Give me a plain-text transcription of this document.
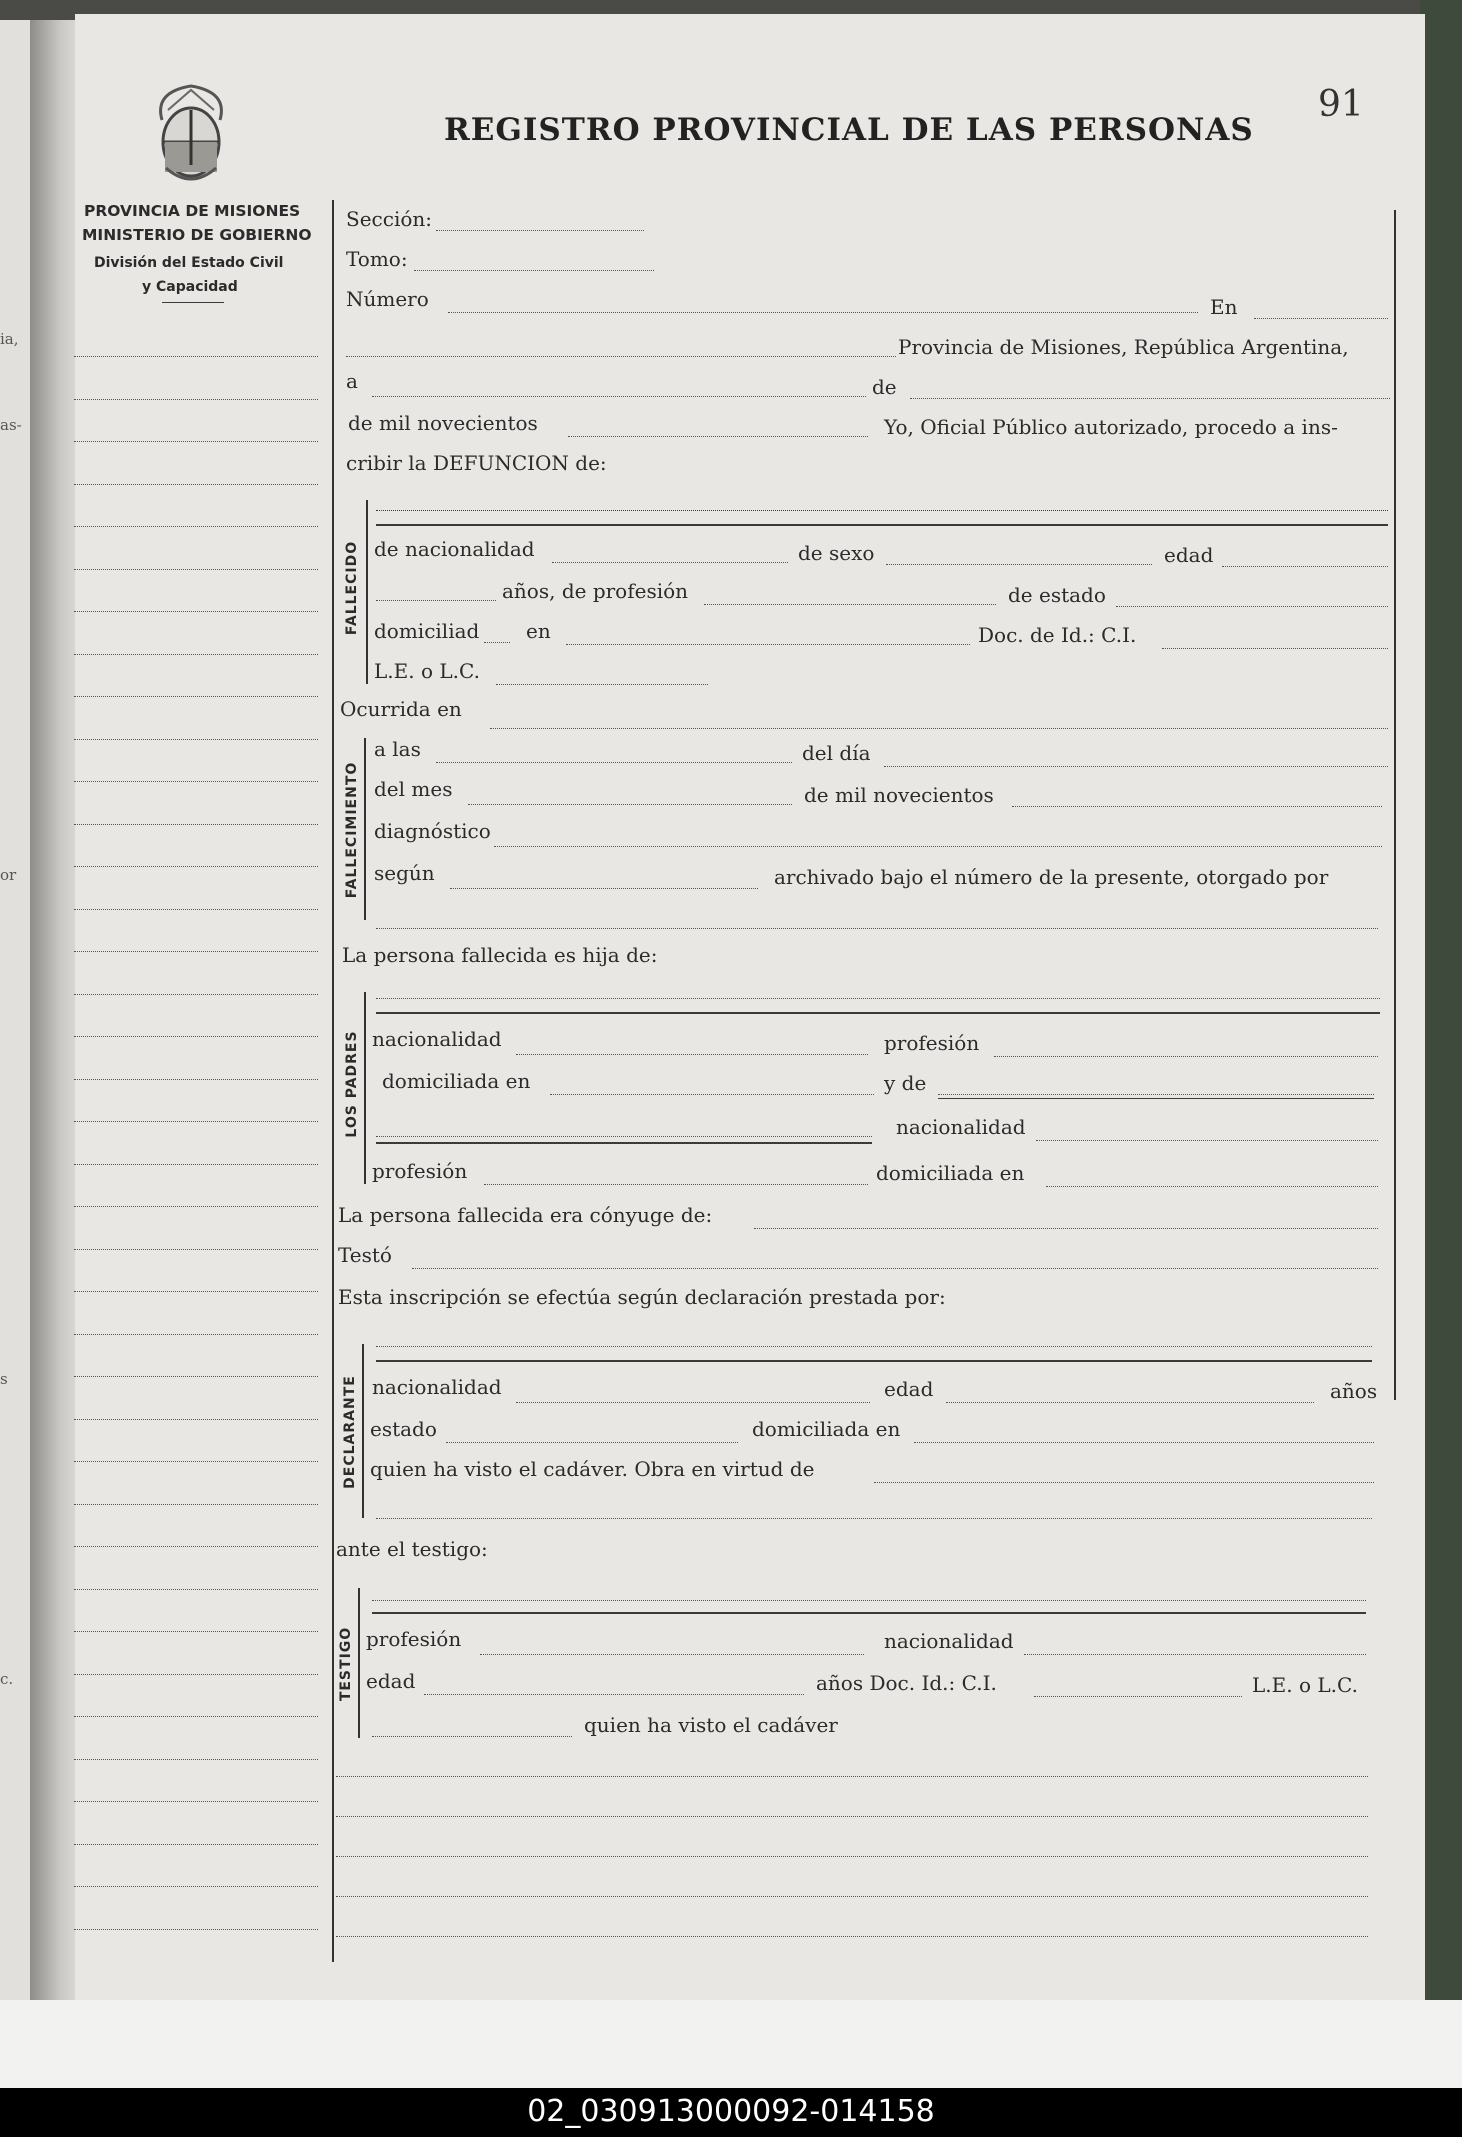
ia,
as-
or
s
c.
02_030913000092-014158
91
REGISTRO PROVINCIAL DE LAS PERSONAS
PROVINCIA DE MISIONES
MINISTERIO DE GOBIERNO
División del Estado Civil
y Capacidad
Sección:
Tomo:
Número	En
Provincia de Misiones, República Argentina,
a	de
de mil novecientos	Yo, Oficial Público autorizado, procedo a ins-
cribir la DEFUNCION de:
FALLECIDO de nacionalidad	de sexo	edad
años, de profesión	de estado
domiciliad en	Doc. de Id.: C.I.
L.E. o L.C.
Ocurrida en
FALLECIMIENTO
a las	del día
del mes	de mil novecientos
diagnóstico
según	archivado bajo el número de la presente, otorgado por
La persona fallecida es hija de:
LOS PADRES nacionalidad	profesión
domiciliada en	y de
nacionalidad
profesión	domiciliada en
La persona fallecida era cónyuge de:
Testó
Esta inscripción se efectúa según declaración prestada por:
DECLARANTE nacionalidad	edad	años
estado	domiciliada en
quien ha visto el cadáver. Obra en virtud de
ante el testigo:
TESTIGO profesión	nacionalidad
edad	años Doc. Id.: C.I.	L.E. o L.C.
quien ha visto el cadáver
